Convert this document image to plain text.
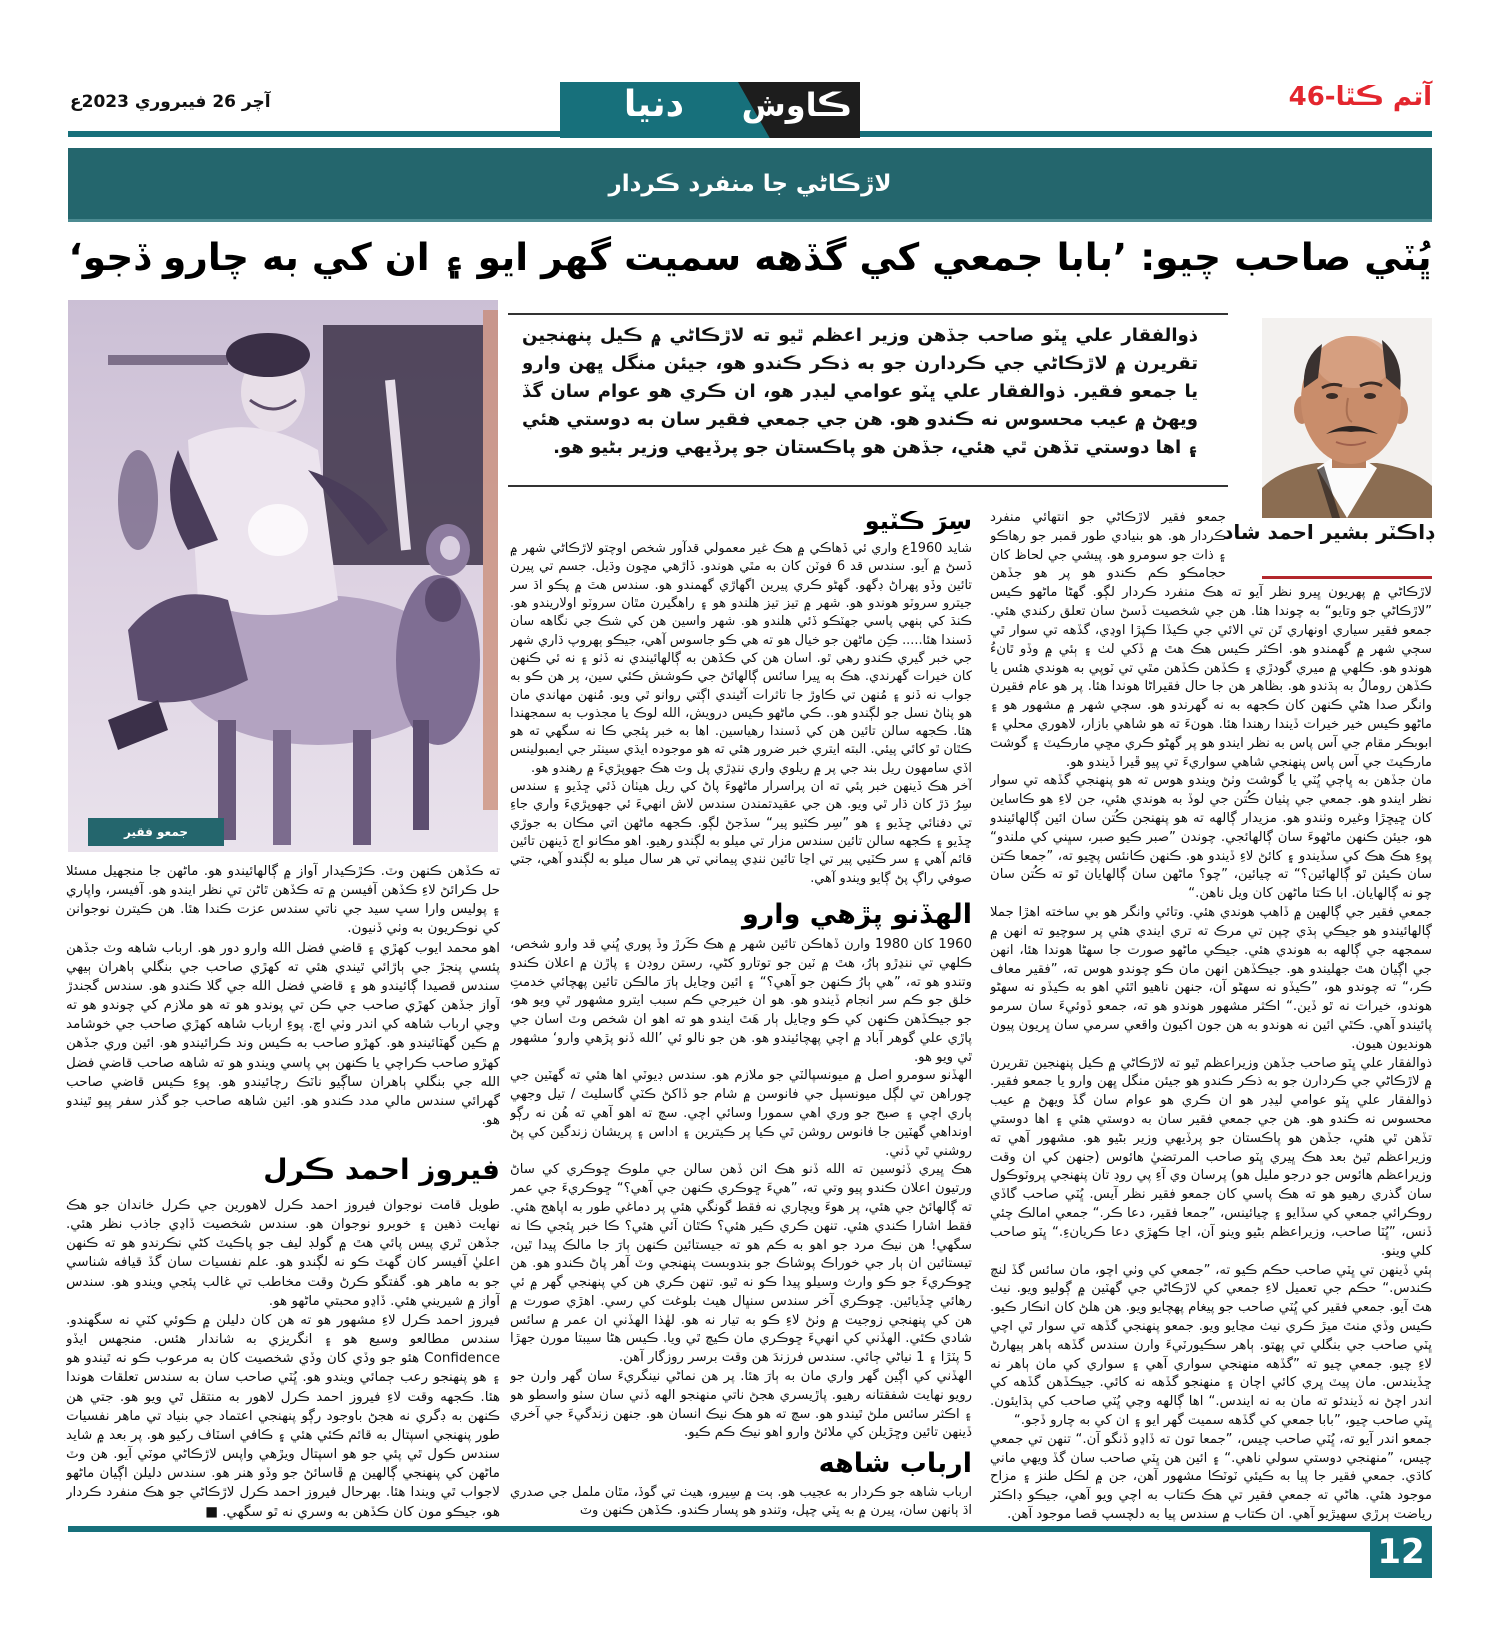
آچر 26 فيبروري 2023ع	دنيا	ڪاوش	آتم ڪٿا-46
لاڙڪاڻي جا منفرد ڪردار
ڀُٽي صاحب چيو: ’بابا جمعي کي گڏهه سميت گهر ايو ۽ ان کي به چارو ڏجو‘

ذوالفقار علي ڀٽو صاحب جڏهن وزير اعظم ٿيو ته لاڙڪاڻي ۾ ڪيل پنهنجين تقريرن ۾ لاڙڪاڻي جي ڪردارن جو به ذڪر ڪندو هو، جيئن منگل ڀهن وارو يا جمعو فقير. ذوالفقار علي ڀٽو عوامي ليڊر هو، ان ڪري هو عوام سان گڏ ويهڻ ۾ عيب محسوس نه ڪندو هو. هن جي جمعي فقير سان به دوستي هئي ۽ اها دوستي تڏهن ٿي هئي، جڏهن هو پاڪستان جو پرڏيهي وزير بڻيو هو.

ڊاڪٽر بشير احمد شاد
جمعو فقير

ته ڪڏهن ڪنهن وٽ. ڪڙڪيدار آواز ۾ ڳالهائيندو هو. ماڻهن جا منجهيل مسئلا حل ڪرائڻ لاءِ ڪڏهن آفيسن ۾ ته ڪڏهن ٿاڻن تي نظر ايندو هو. آفيسر، واپاري ۽ پوليس وارا سڀ سيد جي ناتي سندس عزت ڪندا هئا. هن ڪيترن نوجوانن کي نوڪريون به وٺي ڏنيون.

اهو محمد ايوب کهڙي ۽ قاضي فضل الله وارو دور هو. ارباب شاهه وٽ جڏهن پئسي پنجڙ جي ٻاڙائي ٿيندي هئي ته کهڙي صاحب جي بنگلي ٻاهران ٻيهي سندس قصيدا ڳائيندو هو ۽ قاضي فضل الله جي گلا ڪندو هو. سندس گجندڙ آواز جڏهن کهڙي صاحب جي ڪن تي پوندو هو ته هو ملازم کي چوندو هو ته وڃي ارباب شاهه کي اندر وٺي اچ. پوءِ ارباب شاهه کهڙي صاحب جي خوشامد ۾ ڪين گهٽائيندو هو. کهڙو صاحب به ڪيس وند ڪرائيندو هو. ائين وري جڏهن کهڙو صاحب ڪراچي يا ڪنهن ٻي پاسي ويندو هو ته شاهه صاحب قاضي فضل الله جي بنگلي ٻاهران ساڳيو ناٽڪ رچائيندو هو. پوءِ ڪيس قاضي صاحب گهرائي سندس مالي مدد ڪندو هو. ائين شاهه صاحب جو گذر سفر پيو ٿيندو هو.

فيروز احمد ڪرل

طويل قامت نوجوان فيروز احمد ڪرل لاهورين جي ڪرل خاندان جو هڪ نهايت ذهين ۽ خوبرو نوجوان هو. سندس شخصيت ڏاڍي جاذب نظر هئي. جڏهن ٿري پيس پائي هٿ ۾ گولڊ ليف جو پاڪيٽ کڻي نڪرندو هو ته ڪنهن اعليٰ آفيسر کان گهٽ ڪو نه لڳندو هو. علم نفسيات سان گڏ قيافه شناسي جو به ماهر هو. گفتگو ڪرڻ وقت مخاطب تي غالب پئجي ويندو هو. سندس آواز ۾ شيريني هئي. ڏاڍو محبتي ماڻهو هو.

فيروز احمد ڪرل لاءِ مشهور هو ته هن کان دليلن ۾ ڪوئي کٽي نه سگهندو. سندس مطالعو وسيع هو ۽ انگريزي به شاندار هئس. منجهس ايڏو Confidence هئو جو وڏي کان وڏي شخصيت کان به مرعوب ڪو نه ٿيندو هو ۽ هو پنهنجو رعب ڄمائي ويندو هو. ڀُٽي صاحب سان به سندس تعلقات هوندا هئا. ڪجهه وقت لاءِ فيروز احمد ڪرل لاهور به منتقل ٿي ويو هو. جتي هن ڪنهن به ڊگري نه هجڻ باوجود رڳو پنهنجي اعتماد جي بنياد تي ماهر نفسيات طور پنهنجي اسپتال به قائم ڪئي هئي ۽ ڪافي اسٽاف رکيو هو. پر بعد ۾ شايد سندس ڪول ٿي پئي جو هو اسپتال ويڙهي واپس لاڙڪاڻي موٽي آيو. هن وٽ ماڻهن کي پنهنجي ڳالهين ۾ ڦاسائڻ جو وڏو هنر هو. سندس دليلن اڳيان ماڻهو لاجواب ٿي ويندا هئا. بهرحال فيروز احمد ڪرل لاڙڪاڻي جو هڪ منفرد ڪردار هو، جيڪو مون کان ڪڏهن به وسري نه ٿو سگهي. ■

سِرَ ڪٽيو

شايد 1960ع واري ئي ڏهاڪي ۾ هڪ غير معمولي قدآور شخص اوچتو لاڙڪاڻي شهر ۾ ڏسڻ ۾ آيو. سندس قد 6 فوٽن کان به مٿي هوندو. ڏاڙهي مڇون وڌيل. جسم تي پيرن تائين وڏو پهراڻ ڊگهو. گهڻو ڪري پيرين اگهاڙي گهمندو هو. سندس هٿ ۾ پڪو اڌ سر جيترو سروٽو هوندو هو. شهر ۾ تيز تيز هلندو هو ۽ راهگيرن مٿان سروٽو اولاريندو هو. ڪنڌ کي ٻنهي پاسي جهٽڪو ڏئي هلندو هو. شهر واسين هن کي شڪ جي نگاهه سان ڏسندا هئا..... ڪِن ماڻهن جو خيال هو ته هي ڪو جاسوس آهي، جيڪو ٻهروپ ڌاري شهر جي خبر گيري ڪندو رهي ٿو. اسان هن کي ڪڏهن به ڳالهائيندي نه ڏٺو ۽ نه ئي ڪنهن کان خيرات گهرندي. هڪ ٻه ڀيرا سائس ڳالهائڻ جي ڪوشش ڪئي سين، پر هن ڪو به جواب نه ڏنو ۽ مُنهن تي ڪاوڙ جا تاثرات آڻيندي اڳتي روانو ٿي ويو. مُنهن مهاندي مان هو پٺاڻ نسل جو لڳندو هو.. ڪي ماڻهو ڪيس درويش، الله لوڪ يا مجذوب به سمجهندا هئا. ڪجهه سالن تائين هن کي ڏسندا رهياسين. اها به خبر پئجي ڪا نه سگهي ته هو ڪٿان ٿو کائي پيئي. البته ايتري خبر ضرور هئي ته هو موجوده ايڌي سينٽر جي ايمبولينس اڏي سامهون ريل بند جي پر ۾ ريلوي واري ننڍڙي پل وٽ هڪ جهوپڙيءَ ۾ رهندو هو.

آخر هڪ ڏينهن خبر پئي ته ان پراسرار ماڻهوءَ پاڻ کي ريل هيٺان ڏئي ڇڏيو ۽ سندس سِرُ ڌڙ کان ڌار ٿي ويو. هن جي عقيدتمندن سندس لاش انهيءَ ئي جهوپڙيءَ واري جاءِ تي دفنائي ڇڏيو ۽ هو ”سِر ڪٽيو پير“ سڏجڻ لڳو. ڪجهه ماڻهن اتي مڪان به جوڙي ڇڏيو ۽ ڪجهه سالن تائين سندس مزار تي ميلو به لڳندو رهيو. اهو مڪانو اڄ ڏينهن تائين قائم آهي ۽ سر ڪٽيي پير تي اڃا تائين ننڍي پيماني تي هر سال ميلو به لڳندو آهي، جتي صوفي راڳ پڻ ڳايو ويندو آهي.

الهڏنو پڙهي وارو

1960 کان 1980 وارن ڏهاڪن تائين شهر ۾ هڪ ڪَرڙ وڏ پوري ڀُني قد وارو شخص، ڪلهي تي ننڍڙو ٻارُ، هٿ ۾ ٽين جو توتارو کڻي، رستن روڊن ۽ پاڙن ۾ اعلان ڪندو وتندو هو ته، ”هي ٻارُ ڪنهن جو آهي؟“ ۽ ائين وڃايل ٻارَ مالڪن تائين پهچائي خدمتِ خلق جو ڪم سر انجام ڏيندو هو. هو ان خيرجي ڪم سبب ايترو مشهور ٿي ويو هو، جو جيڪڏهن ڪنهن کي ڪو وڃايل ٻار هَٿ ايندو هو ته اهو ان شخص وٽ اسان جي پاڙي علي گوهر آباد ۾ اچي پهچائيندو هو. هن جو نالو ئي ’الله ڏنو پڙهي وارو‘ مشهور ٿي ويو هو.

الهڏنو سومرو اصل ۾ ميونسپالٽي جو ملازم هو. سندس ڊيوٽي اها هئي ته گهٽين جي چوراهن تي لڳل ميونسپل جي فانوسن ۾ شام جو ڏاکڻ ڪٽي گاسليٽ / تيل وجهي ٻاري اچي ۽ صبح جو وري اهي سمورا وسائي اچي. سچ ته اهو آهي ته هُن نه رڳو اونداهي گهٽين جا فانوس روشن ٿي ڪيا پر ڪيترين ۽ اداس ۽ پريشان زندگين کي پڻ روشني ٿي ڏني.

هڪ ڀيري ڏٺوسين ته الله ڏنو هڪ اٺن ڏهن سالن جي ملوڪ ڇوڪري کي ساڻ ورتيون اعلان ڪندو پيو وتي ته، ”هيءَ ڇوڪري ڪنهن جي آهي؟“ ڇوڪريءَ جي عمر ته ڳالهائڻ جي هئي، پر هوءَ ويچاري نه فقط گونگي هئي پر دماغي طور به اپاهج هئي. فقط اشارا ڪندي هئي. تنهن ڪري ڪير هئي؟ ڪٿان آئي هئي؟ ڪا خبر پئجي ڪا نه سگهي! هن نيڪ مرد جو اهو به ڪم هو ته جيستائين ڪنهن ٻارَ جا مالڪ پيدا ٿين، تيستائين ان ٻار جي خوراڪ پوشاڪ جو بندوبست پنهنجي وٽ آهر پاڻ ڪندو هو. هن ڇوڪريءَ جو ڪو وارث وسيلو پيدا ڪو نه ٿيو. تنهن ڪري هن کي پنهنجي گهر ۾ ئي رهائي ڇڏيائين. ڇوڪري آخر سندس سنڀال هيٺ بلوغت کي رسي. اهڙي صورت ۾ هن کي پنهنجي زوجيت ۾ وٺڻ لاءِ ڪو به تيار نه هو. لهٰذا الهڏني ان عمر ۾ سائس شادي ڪئي. الهڏني کي انهيءَ ڇوڪري مان ڪيچ ٿي ويا. ڪيس هڻا سيبتا مورن جهڙا 5 پٽڙا ۽ 1 نياڻي ڄائي. سندس فرزندَ هن وقت برسر روزگار آهن.

الهڏني کي اڳين گهر واري مان به ٻارَ هئا. پر هن نماڻي نينگريءَ سان گهر وارن جو رويو نهايت شفقتانه رهيو. پاڙيسري هجڻ ناتي منهنجو الهه ڏني سان سٺو واسطو هو ۽ اڪثر سائس ملڻ ٿيندو هو. سچ ته هو هڪ نيڪ انسان هو. جنهن زندگيءَ جي آخري ڏينهن تائين وڇڙيلن کي ملائڻ وارو اهو نيڪ ڪم ڪيو.

ارباب شاهه

ارباب شاهه جو ڪردار به عجيب هو. ٻت ۾ سِيرو، هيٺ تي گوڏ، مٿان ململ جي صدري اڌ ٻانهن سان، پيرن ۾ به ڀٽي چپل، وتندو هو پسار ڪندو. ڪڏهن ڪنهن وٽ

جمعو فقير لاڙڪاڻي جو انتهائي منفرد ڪردار هو. هو بنيادي طور قمبر جو رهاڪو ۽ ذات جو سومرو هو. پيشي جي لحاظ کان حجامڪو ڪم ڪندو هو پر هو جڏهن لاڙڪاڻي ۾ پهريون ڀيرو نظر آيو ته هڪ منفرد ڪردار لڳو. گهڻا ماڻهو ڪيس ”لاڙڪاڻي جو وتايو“ به چوندا هئا. هن جي شخصيت ڏسڻ سان تعلق رکندي هئي. جمعو فقير سياري اونهاري تَن تي الائي جي ڪيڏا ڪپڙا اوڍي، گڏهه تي سوار ٿي سڄي شهر ۾ گهمندو هو. اڪثر ڪيس هڪ هٿ ۾ ڏکي لٺ ۽ ٻئي ۾ وڏو ٿانءُ هوندو هو. ڪلهي ۾ ميري گودڙي ۽ ڪڏهن ڪڏهن مٿي تي ٽوپي به هوندي هئس يا ڪڏهن رومالُ به ٻڌندو هو. بظاهر هن جا حال فقيراڻا هوندا هئا. پر هو عام فقيرن وانگر صدا هڻي ڪنهن کان ڪجهه به نه گهرندو هو. سڄي شهر ۾ مشهور هو ۽ ماڻهو ڪيس خير خيرات ڏيندا رهندا هئا. هونءَ ته هو شاهي بازار، لاهوري محلي ۽ ابوبڪر مقام جي آس پاس به نظر ايندو هو پر گهڻو ڪري مڇي مارڪيٽ ۽ گوشت مارڪيٽ جي آس پاس پنهنجي شاهي سواريءَ تي پيو ڦيرا ڏيندو هو.

مان جڏهن به ڀاڄي ڀُٽي يا گوشت وٺڻ ويندو هوس ته هو پنهنجي گڏهه تي سوار نظر ايندو هو. جمعي جي پٺيان ڪُتن جي لوڏ به هوندي هئي، جن لاءِ هو ڪاساين کان ڇيڇڙا وغيره وٺندو هو. مزيدار ڳالهه ته هو پنهنجن ڪُتن سان ائين ڳالهائيندو هو، جيئن ڪنهن ماڻهوءَ سان ڳالهائجي. چوندن ”صبر ڪيو صبر، سڀني کي ملندو“ پوءِ هڪ هڪ کي سڏيندو ۽ کائڻ لاءِ ڏيندو هو. ڪنهن ڪانئس پڇيو ته، ”جمعا ڪتن سان ڪيئن ٿو ڳالهائين؟“ ته چيائين، ”چو؟ ماڻهن سان ڳالهايان ٿو ته ڪُتن سان چو نه ڳالهايان. ابا ڪتا ماڻهن کان ويل ناهن.“

جمعي فقير جي ڳالهين ۾ ڏاهپ هوندي هئي. وتائي وانگر هو بي ساخته اهڙا جملا ڳالهائيندو هو جيڪي ٻڌي چپن تي مرڪ ته تري ايندي هئي پر سوچيو ته انهن ۾ سمجهه جي ڳالهه به هوندي هئي. جيڪي ماڻهو صورت جا سهڻا هوندا هئا، انهن جي اڳيان هٿ جهليندو هو. جيڪڏهن انهن مان ڪو چوندو هوس ته، ”فقير معاف ڪر،“ ته چوندو هو، ”ڪيڏو نه سهڻو آن، جنهن ناهيو اٿئي اهو به ڪيڏو نه سهڻو هوندو، خيرات نه ٿو ڏين.“ اڪثر مشهور هوندو هو ته، جمعو ڏوئيءَ سان سرمو پائيندو آهي. ڪٿي ائين نه هوندو به هن جون اکيون واقعي سرمي سان ڀريون پيون هونديون هيون.

ذوالفقار علي ڀٽو صاحب جڏهن وزيراعظم ٿيو ته لاڙڪاڻي ۾ ڪيل پنهنجين تقريرن ۾ لاڙڪاڻي جي ڪردارن جو به ذڪر ڪندو هو جيئن منگل ڀهن وارو يا جمعو فقير. ذوالفقار علي ڀٽو عوامي ليڊر هو ان ڪري هو عوام سان گڏ ويهڻ ۾ عيب محسوس نه ڪندو هو. هن جي جمعي فقير سان به دوستي هئي ۽ اها دوستي تڏهن ٿي هئي، جڏهن هو پاڪستان جو پرڏيهي وزير بڻيو هو. مشهور آهي ته وزيراعظم ٿيڻ بعد هڪ ڀيري ڀٽو صاحب المرتضيٰ هائوس (جنهن کي ان وقت وزيراعظم هائوس جو درجو مليل هو) پرسان وي آءِ پي روڊ تان پنهنجي پروٽوڪول سان گذري رهيو هو ته هڪ پاسي کان جمعو فقير نظر آيس. ڀُٽي صاحب گاڏي روڪرائي جمعي کي سڏايو ۽ چيائينس، ”جمعا فقير، دعا ڪر.“ جمعي امالڪ چئي ڏنس، ”ڀُٽا صاحب، وزيراعظم بڻيو وينو آن، اڃا ڪهڙي دعا ڪريانءِ.“ ڀٽو صاحب کلي وينو.

ٻئي ڏينهن تي ڀٽي صاحب حڪم ڪيو ته، ”جمعي کي وٺي اچو، مان سائس گڏ لنچ ڪندس.“ حڪم جي تعميل لاءِ جمعي کي لاڙڪاڻي جي گهٽين ۾ ڳوليو ويو. نيٺ هٿ آيو. جمعي فقير کي ڀُٽي صاحب جو پيغام پهچايو ويو. هن هلڻ کان انڪار ڪيو. ڪيس وڏي منٿ ميڙ ڪري نيٺ مڃايو ويو. جمعو پنهنجي گڏهه تي سوار ٿي اچي ڀٽي صاحب جي بنگلي تي پهتو. ٻاهر سڪيورٽيءَ وارن سندس گڏهه ٻاهر ٻيهارڻ لاءِ چيو. جمعي چيو ته ”گڏهه منهنجي سواري آهي ۽ سواري کي مان ٻاهر نه ڇڏيندس. مان پيٽ ڀري کائي اچان ۽ منهنجو گڏهه نه کائي. جيڪڏهن گڏهه کي اندر اچڻ نه ڏيندئو ته مان به نه ايندس.“ اها ڳالهه وڃي ڀُٽي صاحب کي ٻڌايئون. ڀٽي صاحب چيو، ”بابا جمعي کي گڏهه سميت گهر ايو ۽ ان کي به چارو ڏجو.“

جمعو اندر آيو ته، ڀُٽي صاحب چيس، ”جمعا تون ته ڏاڍو ڏنگو آن.“ تنهن تي جمعي چيس، ”منهنجي دوستي سولي ناهي.“ ۽ ائين هن ڀٽي صاحب سان گڏ ويهي ماني کاڌي. جمعي فقير جا پيا به ڪيئي ٽوٽڪا مشهور آهن، جن ۾ لڪل طنز ۽ مزاح موجود هئي. هاڻي ته جمعي فقير تي هڪ ڪتاب به اچي ويو آهي، جيڪو ڊاڪٽر رياضت ٻرڙي سهيڙيو آهي. ان ڪتاب ۾ سندس پيا به دلچسپ قصا موجود آهن.

12
